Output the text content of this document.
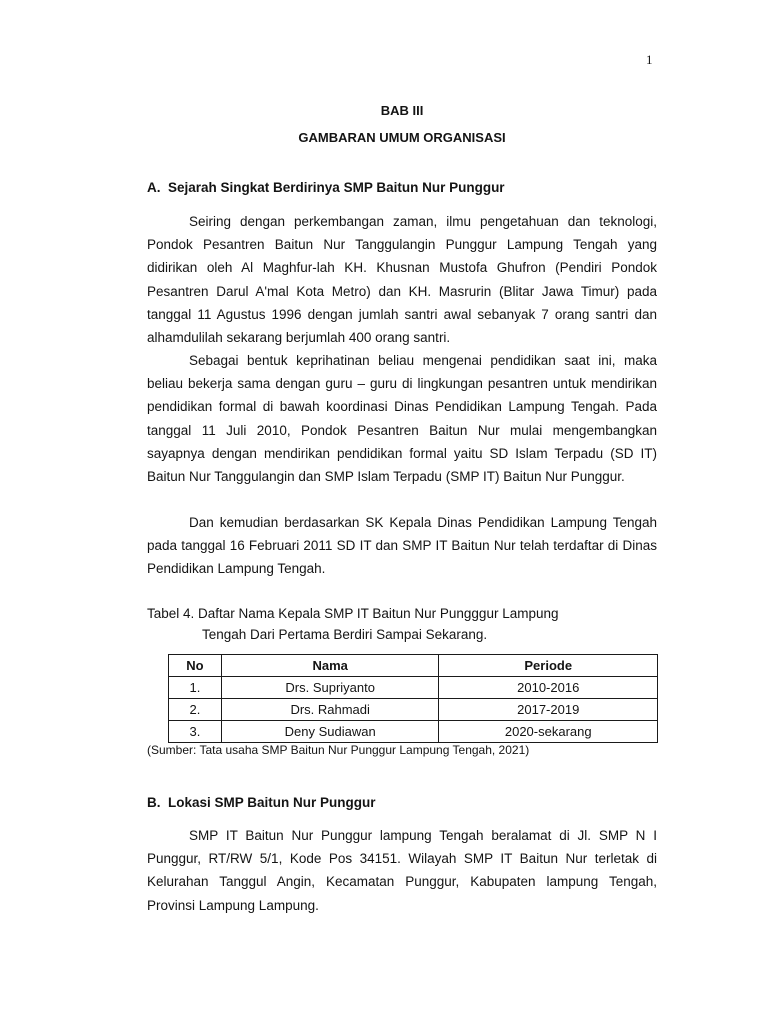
1
BAB III
GAMBARAN UMUM ORGANISASI
A. Sejarah Singkat Berdirinya SMP Baitun Nur Punggur

Seiring dengan perkembangan zaman, ilmu pengetahuan dan teknologi, Pondok Pesantren Baitun Nur Tanggulangin Punggur Lampung Tengah yang didirikan oleh Al Maghfur-lah KH. Khusnan Mustofa Ghufron (Pendiri Pondok Pesantren Darul A'mal Kota Metro) dan KH. Masrurin (Blitar Jawa Timur) pada tanggal 11 Agustus 1996 dengan jumlah santri awal sebanyak 7 orang santri dan alhamdulilah sekarang berjumlah 400 orang santri.

Sebagai bentuk keprihatinan beliau mengenai pendidikan saat ini, maka beliau bekerja sama dengan guru – guru di lingkungan pesantren untuk mendirikan pendidikan formal di bawah koordinasi Dinas Pendidikan Lampung Tengah. Pada tanggal 11 Juli 2010, Pondok Pesantren Baitun Nur mulai mengembangkan sayapnya dengan mendirikan pendidikan formal yaitu SD Islam Terpadu (SD IT) Baitun Nur Tanggulangin dan SMP Islam Terpadu (SMP IT) Baitun Nur Punggur.

Dan kemudian berdasarkan SK Kepala Dinas Pendidikan Lampung Tengah pada tanggal 16 Februari 2011 SD IT dan SMP IT Baitun Nur telah terdaftar di Dinas Pendidikan Lampung Tengah.

Tabel 4. Daftar Nama Kepala SMP IT Baitun Nur Pungggur Lampung
Tengah Dari Pertama Berdiri Sampai Sekarang.
No	Nama	Periode
1.	Drs. Supriyanto	2010-2016
2.	Drs. Rahmadi	2017-2019
3.	Deny Sudiawan	2020-sekarang
(Sumber: Tata usaha SMP Baitun Nur Punggur Lampung Tengah, 2021)
B. Lokasi SMP Baitun Nur Punggur

SMP IT Baitun Nur Punggur lampung Tengah beralamat di Jl. SMP N I Punggur, RT/RW 5/1, Kode Pos 34151. Wilayah SMP IT Baitun Nur terletak di Kelurahan Tanggul Angin, Kecamatan Punggur, Kabupaten lampung Tengah, Provinsi Lampung Lampung.
